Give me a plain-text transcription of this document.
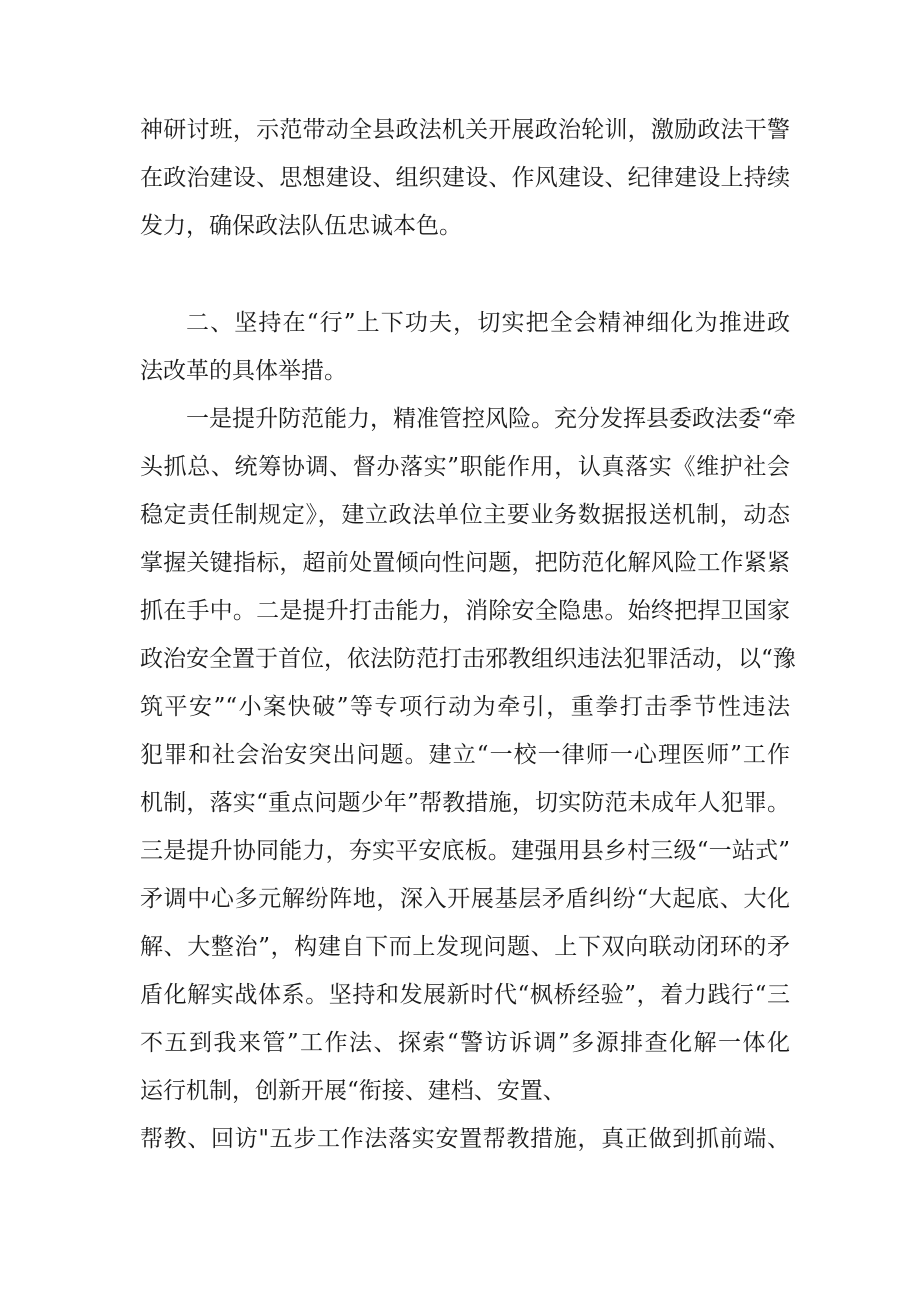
神研讨班，示范带动全县政法机关开展政治轮训，激励政法干警
在政治建设、思想建设、组织建设、作风建设、纪律建设上持续
发力，确保政法队伍忠诚本色。
二、坚持在“行”上下功夫，切实把全会精神细化为推进政
法改革的具体举措。
一是提升防范能力，精准管控风险。充分发挥县委政法委“牵
头抓总、统筹协调、督办落实”职能作用，认真落实《维护社会
稳定责任制规定》，建立政法单位主要业务数据报送机制，动态
掌握关键指标，超前处置倾向性问题，把防范化解风险工作紧紧
抓在手中。二是提升打击能力，消除安全隐患。始终把捍卫国家
政治安全置于首位，依法防范打击邪教组织违法犯罪活动，以“豫
筑平安”“小案快破”等专项行动为牵引，重拳打击季节性违法
犯罪和社会治安突出问题。建立“一校一律师一心理医师”工作
机制，落实“重点问题少年”帮教措施，切实防范未成年人犯罪。
三是提升协同能力，夯实平安底板。建强用县乡村三级“一站式”
矛调中心多元解纷阵地，深入开展基层矛盾纠纷“大起底、大化
解、大整治”，构建自下而上发现问题、上下双向联动闭环的矛
盾化解实战体系。坚持和发展新时代“枫桥经验”，着力践行“三
不五到我来管”工作法、探索“警访诉调”多源排查化解一体化
运行机制，创新开展“衔接、建档、安置、
帮教、回访"五步工作法落实安置帮教措施，真正做到抓前端、
